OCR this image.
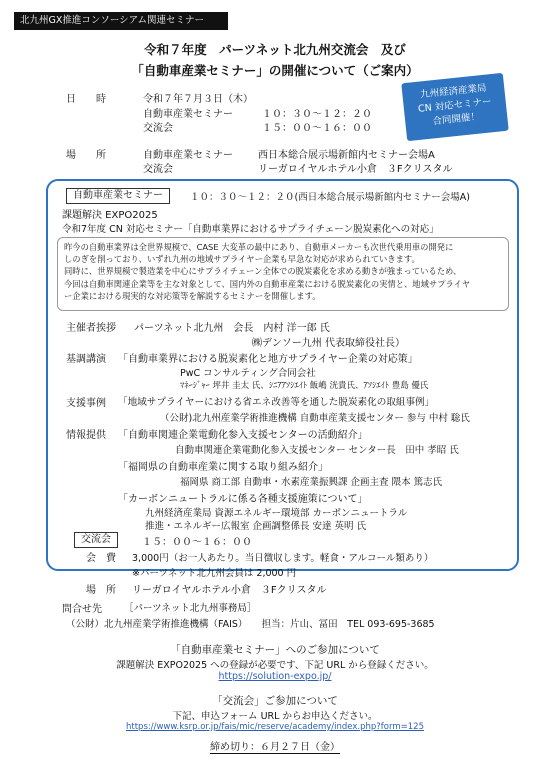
北九州GX推進コンソーシアム関連セミナー
令和７年度　パーツネット北九州交流会　及び
「自動車産業セミナー」の開催について（ご案内）
九州経済産業局
CN 対応セミナー
合同開催！
日　　時	令和７年７月３日（木）
自動車産業セミナー	１０：３０〜１２：２０
交流会	１５：００〜１６：００
場　　所	自動車産業セミナー	西日本総合展示場新館内セミナー会場A
交流会	リーガロイヤルホテル小倉　３Fクリスタル
自動車産業セミナー	１０：３０〜１２：２０(西日本総合展示場新館内セミナー会場A)
課題解決 EXPO2025
令和7年度 CN 対応セミナー「自動車業界におけるサプライチェーン脱炭素化への対応」
昨今の自動車業界は全世界規模で、CASE 大変革の最中にあり、自動車メーカーも次世代乗用車の開発に
しのぎを削っており、いずれ九州の地域サプライヤー企業も早急な対応が求められていきます。
同時に、世界規模で製造業を中心にサプライチェーン全体での脱炭素化を求める動きが強まっているため、
今回は自動車関連企業等を主な対象として、国内外の自動車産業における脱炭素化の実情と、地域サプライヤ
ー企業における現実的な対応策等を解説するセミナーを開催します。
主催者挨拶 パーツネット北九州　会長　内村 洋一郎 氏
㈱デンソー九州 代表取締役社長）
基調講演 「自動車業界における脱炭素化と地方サプライヤー企業の対応策」
PwC コンサルティング合同会社
ﾏﾈｰｼﾞｬｰ 坪井 圭太 氏、ｼﾆｱｱｿｼｴｲﾄ 飯嶋 洸貴氏、ｱｿｼｴｲﾄ 豊島 優氏
支援事例 「地域サプライヤーにおける省エネ改善等を通した脱炭素化の取組事例」
（公財)北九州産業学術推進機構 自動車産業支援センター 参与 中村 聡氏
情報提供 「自動車関連企業電動化参入支援センターの活動紹介」
自動車関連企業電動化参入支援センター センター長　田中 孝昭 氏
「福岡県の自動車産業に関する取り組み紹介」
福岡県 商工部 自動車・水素産業振興課 企画主査 隈本 篤志氏
「カーボンニュートラルに係る各種支援施策について」
九州経済産業局 資源エネルギー環境部 カーボンニュートラル
推進・エネルギー広報室 企画調整係長 安達 英明 氏
交流会	１５：００〜１６：００
会　費 3,000円（お一人あたり。当日徴収します。軽食・アルコール類あり）
※パーツネット北九州会員は 2,000 円
場　所 リーガロイヤルホテル小倉　３Fクリスタル
問合せ先 ［パーツネット北九州事務局］
（公財）北九州産業学術推進機構（FAIS）　　担当：片山、冨田　TEL 093-695-3685
「自動車産業セミナー」へのご参加について
課題解決 EXPO2025 への登録が必要です、下記 URL から登録ください。
https://solution-expo.jp/
「交流会」ご参加について
下記、申込フォーム URL からお申込ください。
https://www.ksrp.or.jp/fais/mic/reserve/academy/index.php?form=125
締め切り：６月２７日（金）
